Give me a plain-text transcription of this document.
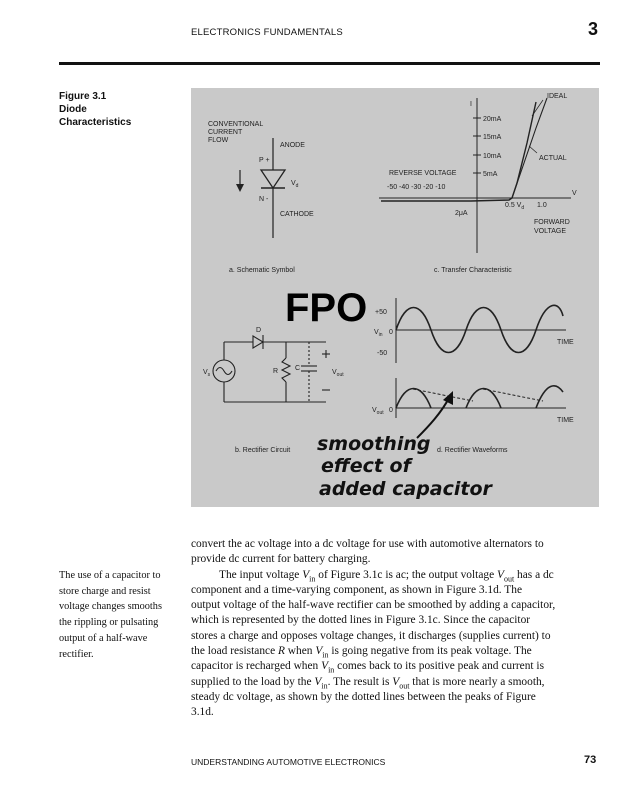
ELECTRONICS FUNDAMENTALS	3
Figure 3.1
Diode
Characteristics	CONVENTIONAL
CURRENT
FLOW
ANODE
P +
$V_d$
N -
CATHODE
a. Schematic Symbol
I
V
20mA
15mA
10mA
5mA
REVERSE VOLTAGE
-50 -40 -30 -20 -10
2μA
0.5 $V_d$ 1.0
IDEAL
ACTUAL
FORWARD
VOLTAGE
c. Transfer Characteristic
FPO
D
$V_s$	R C
$V_{out}$
b. Rectifier Circuit
+50
$V_{in}$ 0
-50
TIME
$V_{out}$ 0
TIME
d. Rectifier Waveforms
smoothing
effect of
added capacitor
The use of a capacitor to
store charge and resist
voltage changes smooths
the rippling or pulsating
output of a half-wave
rectifier.
convert the ac voltage into a dc voltage for use with automotive alternators to
provide dc current for battery charging.
The input voltage $V_{in}$ of Figure 3.1c is ac; the output voltage $V_{out}$ has a dc
component and a time-varying component, as shown in Figure 3.1d. The
output voltage of the half-wave rectifier can be smoothed by adding a capacitor,
which is represented by the dotted lines in Figure 3.1c. Since the capacitor
stores a charge and opposes voltage changes, it discharges (supplies current) to
the load resistance R when $V_{in}$ is going negative from its peak voltage. The
capacitor is recharged when $V_{in}$ comes back to its positive peak and current is
supplied to the load by the $V_{in}$. The result is $V_{out}$ that is more nearly a smooth,
steady dc voltage, as shown by the dotted lines between the peaks of Figure
3.1d.
UNDERSTANDING AUTOMOTIVE ELECTRONICS	73
